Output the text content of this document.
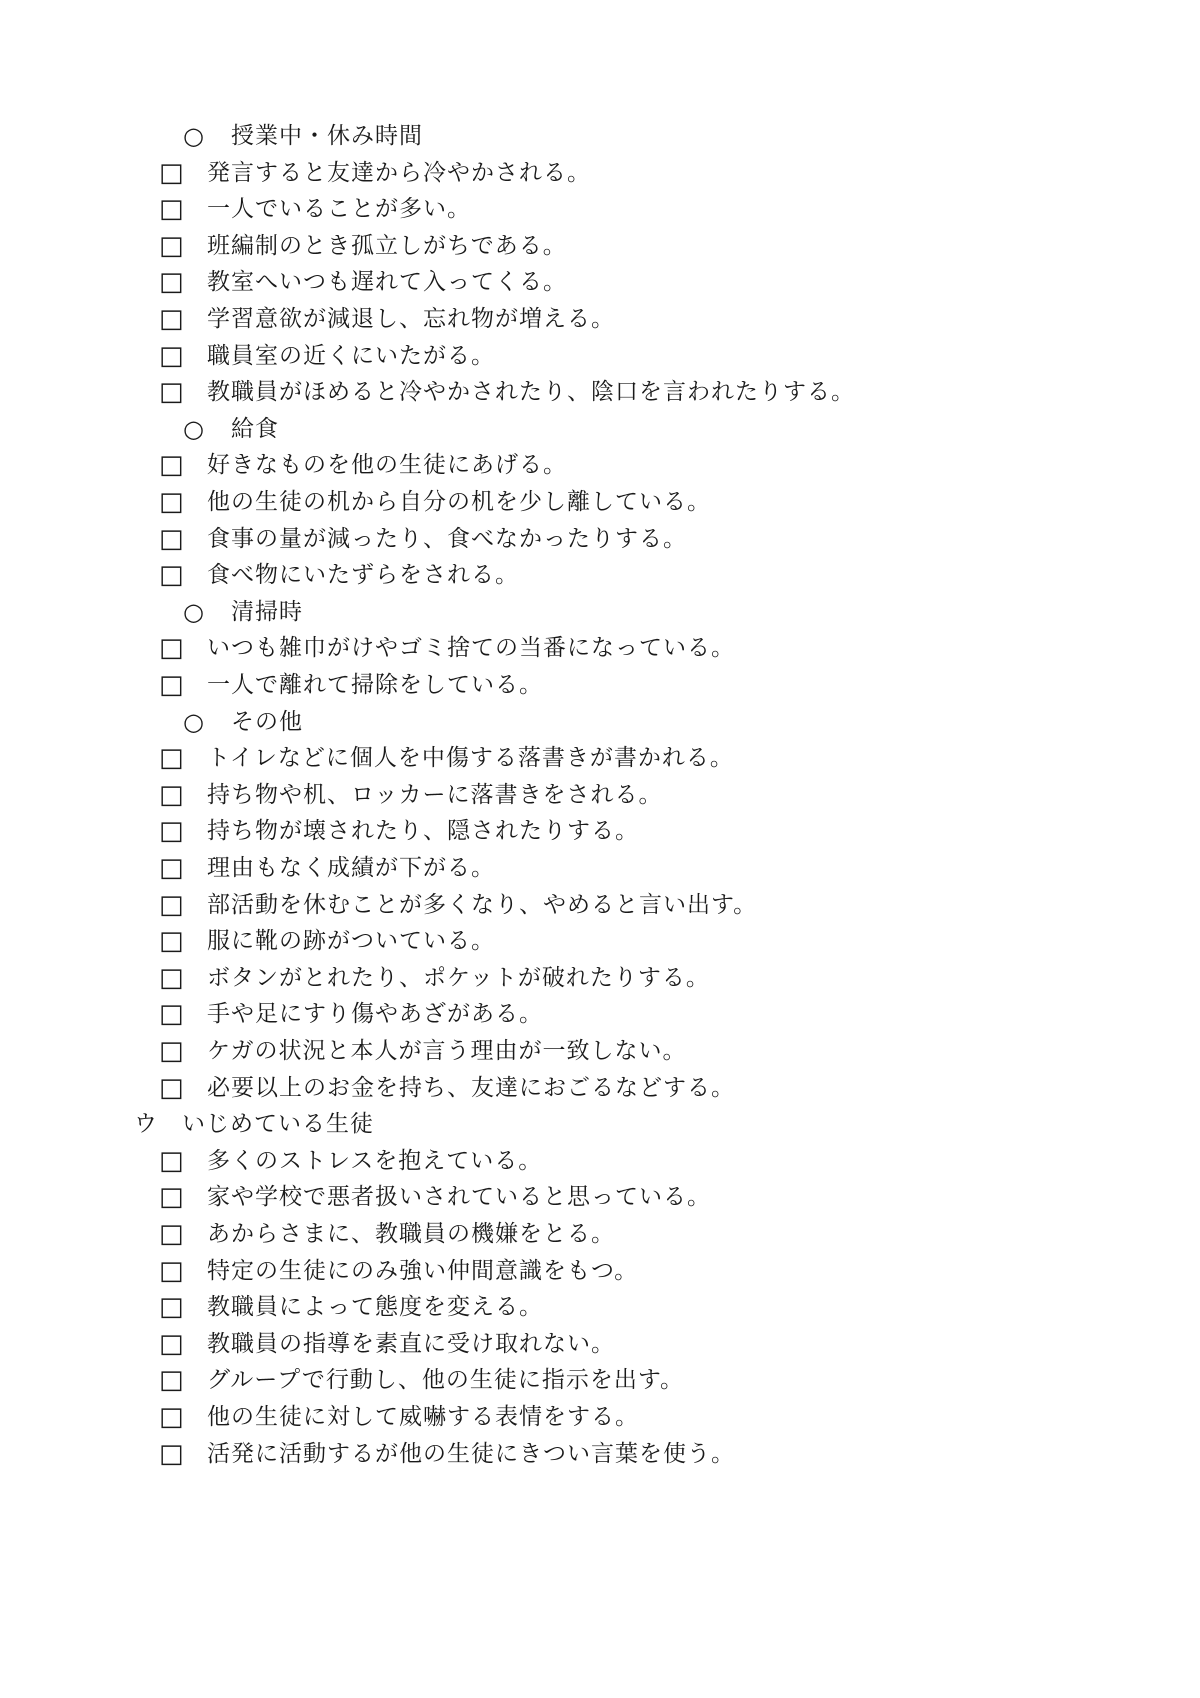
○ 授業中・休み時間
□ 発言すると友達から冷やかされる。
□ 一人でいることが多い。
□ 班編制のとき孤立しがちである。
□ 教室へいつも遅れて入ってくる。
□ 学習意欲が減退し、忘れ物が増える。
□ 職員室の近くにいたがる。
□ 教職員がほめると冷やかされたり、陰口を言われたりする。
○ 給食
□ 好きなものを他の生徒にあげる。
□ 他の生徒の机から自分の机を少し離している。
□ 食事の量が減ったり、食べなかったりする。
□ 食べ物にいたずらをされる。
○ 清掃時
□ いつも雑巾がけやゴミ捨ての当番になっている。
□ 一人で離れて掃除をしている。
○ その他
□ トイレなどに個人を中傷する落書きが書かれる。
□ 持ち物や机、ロッカーに落書きをされる。
□ 持ち物が壊されたり、隠されたりする。
□ 理由もなく成績が下がる。
□ 部活動を休むことが多くなり、やめると言い出す。
□ 服に靴の跡がついている。
□ ボタンがとれたり、ポケットが破れたりする。
□ 手や足にすり傷やあざがある。
□ ケガの状況と本人が言う理由が一致しない。
□ 必要以上のお金を持ち、友達におごるなどする。
ウ いじめている生徒
□ 多くのストレスを抱えている。
□ 家や学校で悪者扱いされていると思っている。
□ あからさまに、教職員の機嫌をとる。
□ 特定の生徒にのみ強い仲間意識をもつ。
□ 教職員によって態度を変える。
□ 教職員の指導を素直に受け取れない。
□ グループで行動し、他の生徒に指示を出す。
□ 他の生徒に対して威嚇する表情をする。
□ 活発に活動するが他の生徒にきつい言葉を使う。
